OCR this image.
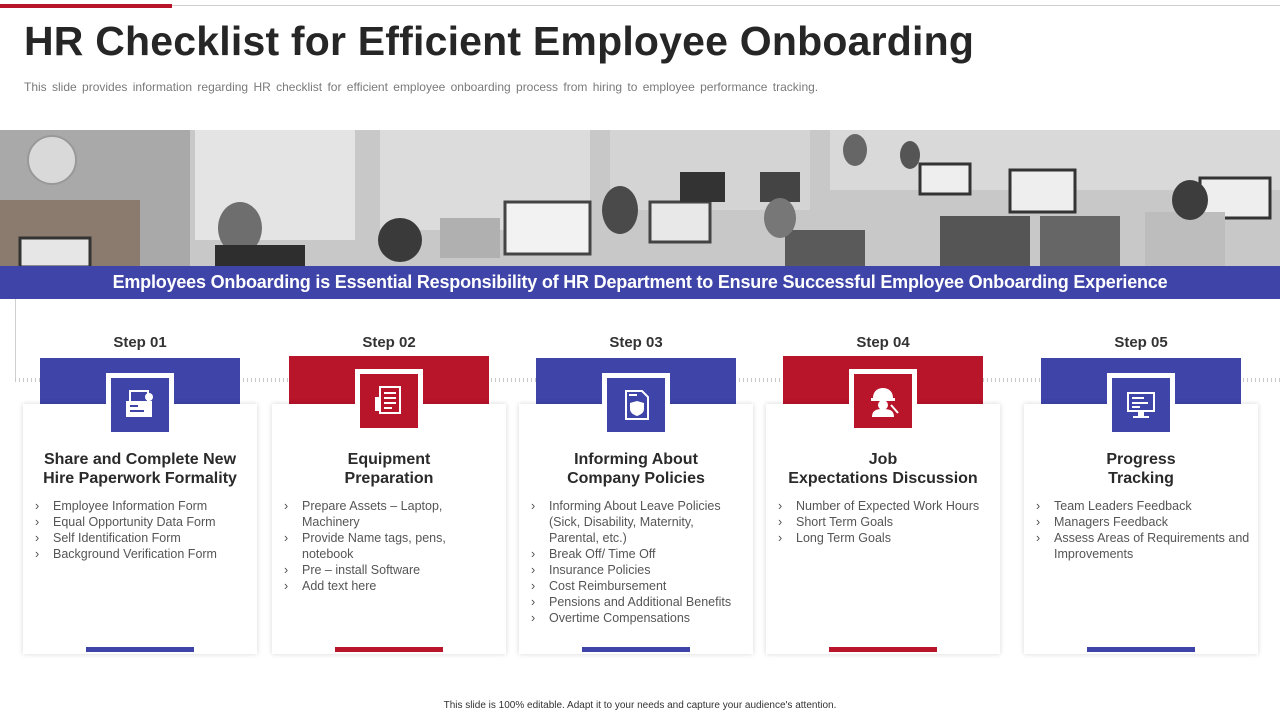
HR Checklist for Efficient Employee Onboarding
This slide provides information regarding HR checklist for efficient employee onboarding process from hiring to employee performance tracking.
Employees Onboarding is Essential Responsibility of HR Department to Ensure Successful Employee Onboarding Experience
Step 01
Share and Complete New
Hire Paperwork Formality
› Employee Information Form
› Equal Opportunity Data Form
› Self Identification Form
› Background Verification Form
Step 02
Equipment
Preparation
› Prepare Assets – Laptop, Machinery
› Provide Name tags, pens, notebook
› Pre – install Software
› Add text here
Step 03
Informing About
Company Policies
› Informing About Leave Policies (Sick, Disability, Maternity, Parental, etc.)
› Break Off/ Time Off
› Insurance Policies
› Cost Reimbursement
› Pensions and Additional Benefits
› Overtime Compensations
Step 04
Job
Expectations Discussion
› Number of Expected Work Hours
› Short Term Goals
› Long Term Goals
Step 05
Progress
Tracking
› Team Leaders Feedback
› Managers Feedback
› Assess Areas of Requirements and Improvements
This slide is 100% editable. Adapt it to your needs and capture your audience's attention.
